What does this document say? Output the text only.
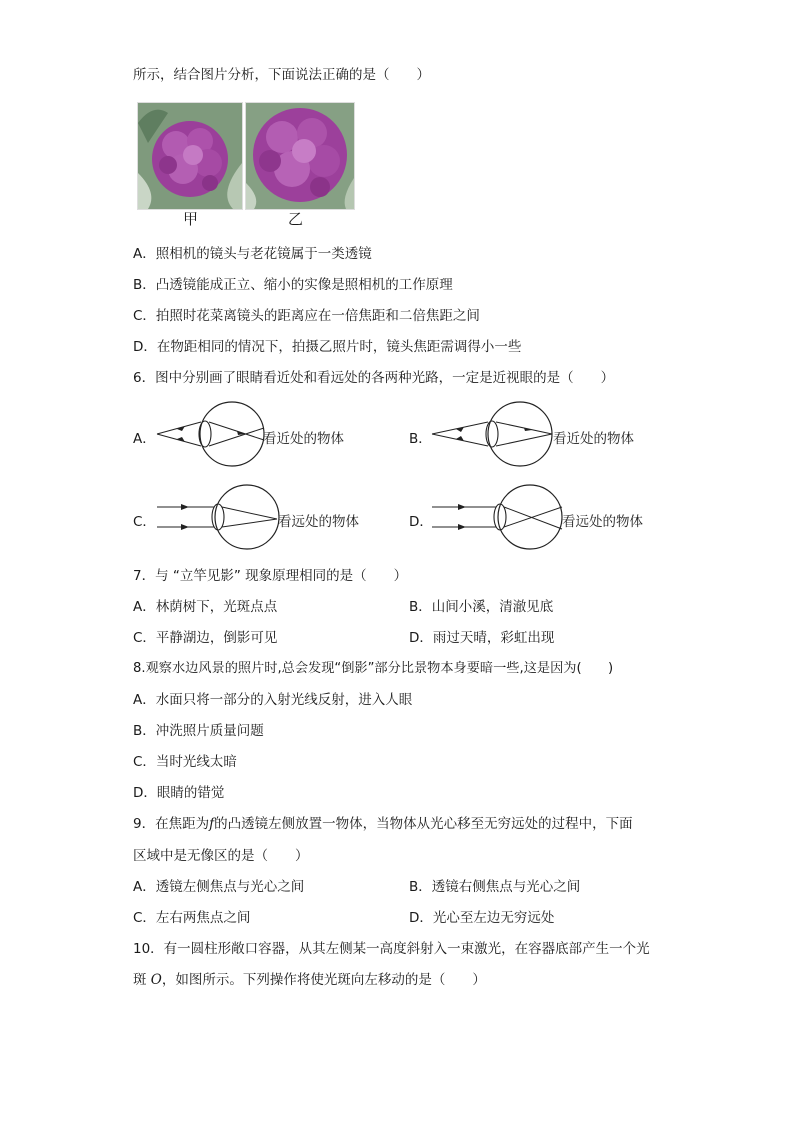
所示，结合图片分析，下面说法正确的是（　　）
甲	乙
A．照相机的镜头与老花镜属于一类透镜
B．凸透镜能成正立、缩小的实像是照相机的工作原理
C．拍照时花菜离镜头的距离应在一倍焦距和二倍焦距之间
D．在物距相同的情况下，拍摄乙照片时，镜头焦距需调得小一些
6．图中分别画了眼睛看近处和看远处的各两种光路，一定是近视眼的是（　　）
A．	看近处的物体	B．	看近处的物体
C．	看远处的物体	D．	看远处的物体
7．与 “立竿见影” 现象原理相同的是（　　）
A．林荫树下，光斑点点	B．山间小溪，清澈见底
C．平静湖边，倒影可见	D．雨过天晴，彩虹出现
8.观察水边风景的照片时,总会发现“倒影”部分比景物本身要暗一些,这是因为(　　)
A．水面只将一部分的入射光线反射，进入人眼
B．冲洗照片质量问题
C．当时光线太暗
D．眼睛的错觉
9．在焦距为f的凸透镜左侧放置一物体，当物体从光心移至无穷远处的过程中，下面
区域中是无像区的是（　　）
A．透镜左侧焦点与光心之间	B．透镜右侧焦点与光心之间
C．左右两焦点之间	D．光心至左边无穷远处
10．有一圆柱形敞口容器，从其左侧某一高度斜射入一束激光，在容器底部产生一个光
斑 O，如图所示。下列操作将使光斑向左移动的是（　　）
